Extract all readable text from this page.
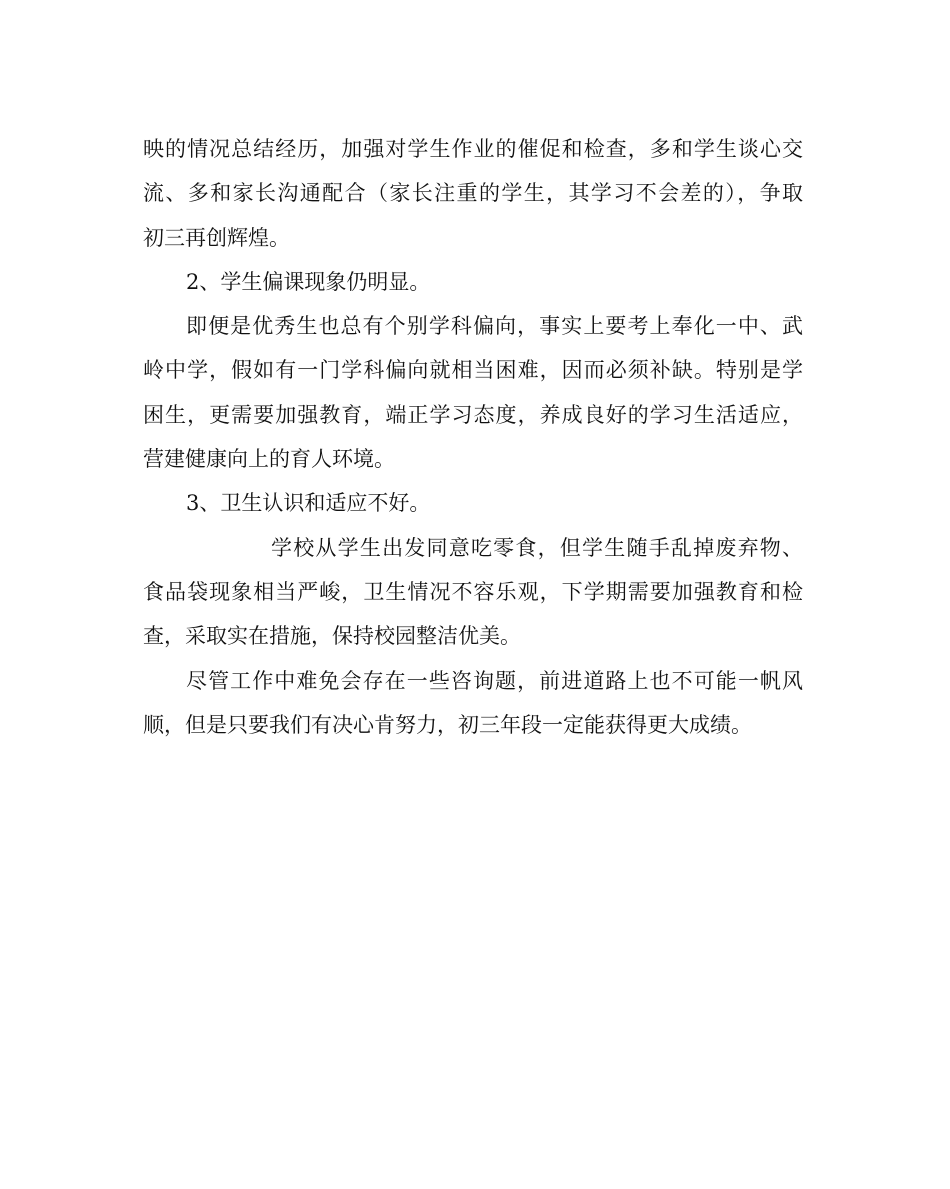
映的情况总结经历，加强对学生作业的催促和检查，多和学生谈心交
流、多和家长沟通配合（家长注重的学生，其学习不会差的），争取
初三再创辉煌。
2、学生偏课现象仍明显。
即便是优秀生也总有个别学科偏向，事实上要考上奉化一中、武
岭中学，假如有一门学科偏向就相当困难，因而必须补缺。特别是学
困生，更需要加强教育，端正学习态度，养成良好的学习生活适应，
营建健康向上的育人环境。
3、卫生认识和适应不好。
学校从学生出发同意吃零食，但学生随手乱掉废弃物、
食品袋现象相当严峻，卫生情况不容乐观，下学期需要加强教育和检
查，采取实在措施，保持校园整洁优美。
尽管工作中难免会存在一些咨询题，前进道路上也不可能一帆风
顺，但是只要我们有决心肯努力，初三年段一定能获得更大成绩。
